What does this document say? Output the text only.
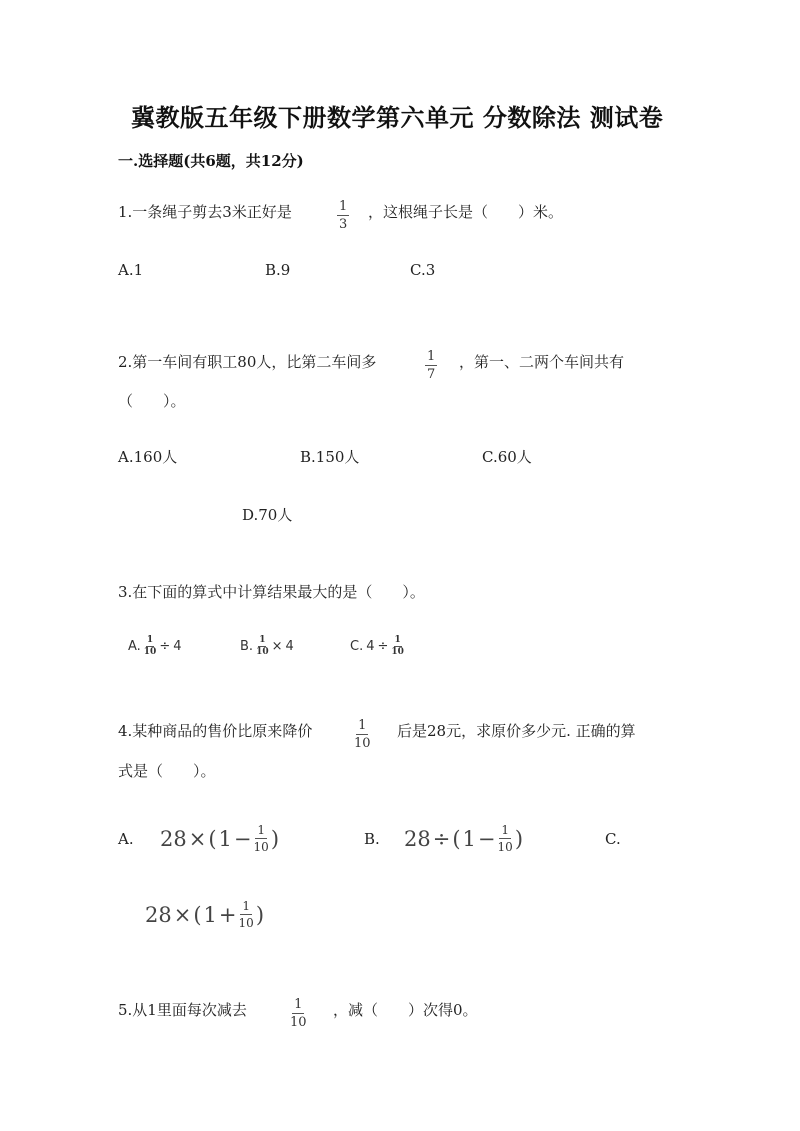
冀教版五年级下册数学第六单元 分数除法 测试卷
一.选择题(共6题，共12分)
1.一条绳子剪去3米正好是	$\frac{1}{3}$ ，这根绳子长是（　　）米。
A.1	B.9	C.3
2.第一车间有职工80人，比第二车间多	$\frac{1}{7}$ ，第一、二两个车间共有
（　　）。
A.160人	B.150人	C.60人
D.70人
3.在下面的算式中计算结果最大的是（　　）。
A. $\frac{1}{10} \div 4$	B. $\frac{1}{10} \times 4$	C. $4 \div \frac{1}{10}$
4.某种商品的售价比原来降价	$\frac{1}{10}$ 后是28元，求原价多少元. 正确的算
式是（　　）。
A. 28 × ( $1 - \frac{1}{10}$ )	B. 28 ÷ ( $1 - \frac{1}{10}$ )	C.
28 × ( $1 + \frac{1}{10}$ )
5.从1里面每次减去	$\frac{1}{10}$ ，减（　　）次得0。
